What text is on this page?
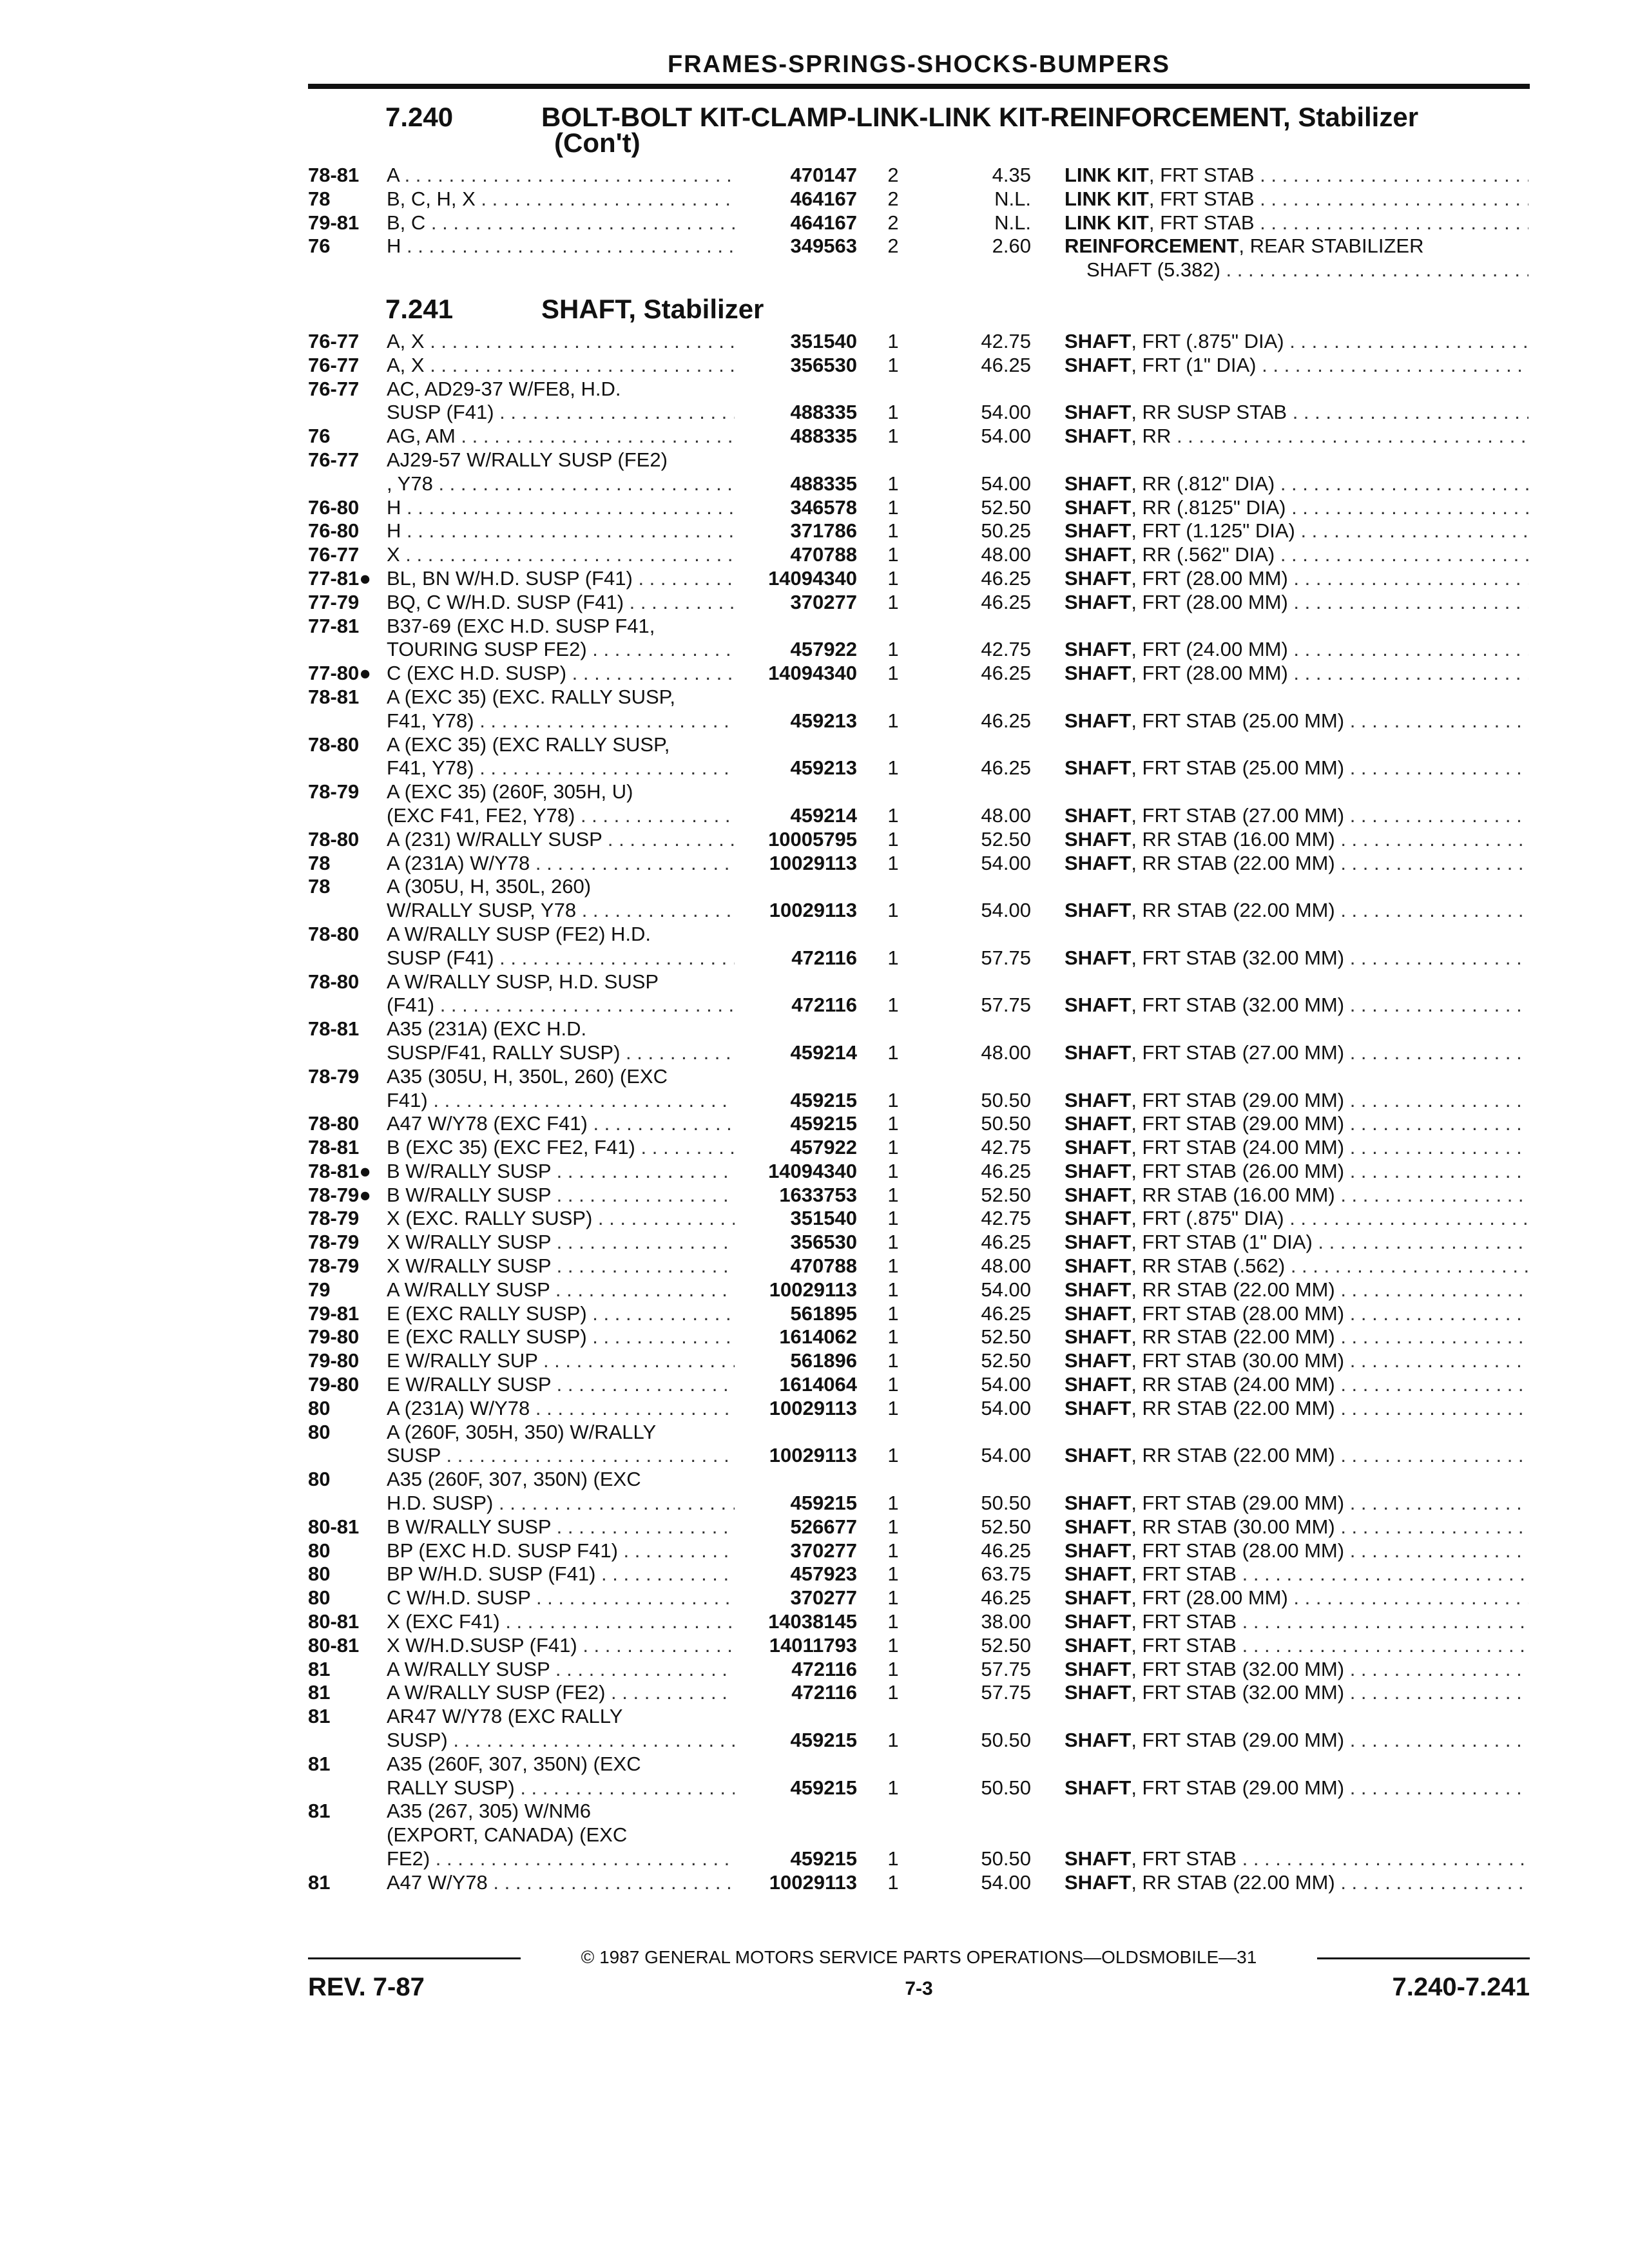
FRAMES-SPRINGS-SHOCKS-BUMPERS
7.240	BOLT-BOLT KIT-CLAMP-LINK-LINK KIT-REINFORCEMENT, Stabilizer
(Con't)
78-81	A . . .	470147	2	4.35 LINK KIT, FRT STAB . . .
78	B, C, H, X . . .	464167	2	N.L. LINK KIT, FRT STAB . . .
79-81	B, C . . .	464167	2	N.L. LINK KIT, FRT STAB . . .
76	H . . .	349563	2	2.60 REINFORCEMENT, REAR STABILIZER
SHAFT (5.382) . . .
7.241	SHAFT, Stabilizer
76-77	A, X . . .	351540	1	42.75 SHAFT, FRT (.875" DIA) . . .
76-77	A, X . . .	356530	1	46.25 SHAFT, FRT (1" DIA) . . .
76-77	AC, AD29-37 W/FE8, H.D.
SUSP (F41) . . .	488335	1	54.00 SHAFT, RR SUSP STAB . . .
76	AG, AM . . .	488335	1	54.00 SHAFT, RR . . .
76-77	AJ29-57 W/RALLY SUSP (FE2)
, Y78 . . .	488335	1	54.00 SHAFT, RR (.812" DIA) . . .
76-80	H . . .	346578	1	52.50 SHAFT, RR (.8125" DIA) . . .
76-80	H . . .	371786	1	50.25 SHAFT, FRT (1.125" DIA) . . .
76-77	X . . .	470788	1	48.00 SHAFT, RR (.562" DIA) . . .
77-81● BL, BN W/H.D. SUSP (F41) . . .	14094340	1	46.25 SHAFT, FRT (28.00 MM) . . .
77-79	BQ, C W/H.D. SUSP (F41) . . .	370277	1	46.25 SHAFT, FRT (28.00 MM) . . .
77-81	B37-69 (EXC H.D. SUSP F41,
TOURING SUSP FE2) . . .	457922	1	42.75 SHAFT, FRT (24.00 MM) . . .
77-80● C (EXC H.D. SUSP) . . .	14094340	1	46.25 SHAFT, FRT (28.00 MM) . . .
78-81	A (EXC 35) (EXC. RALLY SUSP,
F41, Y78) . . .	459213	1	46.25 SHAFT, FRT STAB (25.00 MM) . . .
78-80	A (EXC 35) (EXC RALLY SUSP,
F41, Y78) . . .	459213	1	46.25 SHAFT, FRT STAB (25.00 MM) . . .
78-79	A (EXC 35) (260F, 305H, U)
(EXC F41, FE2, Y78) . . .	459214	1	48.00 SHAFT, FRT STAB (27.00 MM) . . .
78-80	A (231) W/RALLY SUSP . . .	10005795	1	52.50 SHAFT, RR STAB (16.00 MM) . . .
78	A (231A) W/Y78 . . .	10029113	1	54.00 SHAFT, RR STAB (22.00 MM) . . .
78	A (305U, H, 350L, 260)
W/RALLY SUSP, Y78 . . .	10029113	1	54.00 SHAFT, RR STAB (22.00 MM) . . .
78-80	A W/RALLY SUSP (FE2) H.D.
SUSP (F41) . . .	472116	1	57.75 SHAFT, FRT STAB (32.00 MM) . . .
78-80	A W/RALLY SUSP, H.D. SUSP
(F41) . . .	472116	1	57.75 SHAFT, FRT STAB (32.00 MM) . . .
78-81	A35 (231A) (EXC H.D.
SUSP/F41, RALLY SUSP) . . .	459214	1	48.00 SHAFT, FRT STAB (27.00 MM) . . .
78-79	A35 (305U, H, 350L, 260) (EXC
F41) . . .	459215	1	50.50 SHAFT, FRT STAB (29.00 MM) . . .
78-80	A47 W/Y78 (EXC F41) . . .	459215	1	50.50 SHAFT, FRT STAB (29.00 MM) . . .
78-81	B (EXC 35) (EXC FE2, F41) . . .	457922	1	42.75 SHAFT, FRT STAB (24.00 MM) . . .
78-81● B W/RALLY SUSP . . .	14094340	1	46.25 SHAFT, FRT STAB (26.00 MM) . . .
78-79● B W/RALLY SUSP . . .	1633753	1	52.50 SHAFT, RR STAB (16.00 MM) . . .
78-79	X (EXC. RALLY SUSP) . . .	351540	1	42.75 SHAFT, FRT (.875" DIA) . . .
78-79	X W/RALLY SUSP . . .	356530	1	46.25 SHAFT, FRT STAB (1" DIA) . . .
78-79	X W/RALLY SUSP . . .	470788	1	48.00 SHAFT, RR STAB (.562) . . .
79	A W/RALLY SUSP . . .	10029113	1	54.00 SHAFT, RR STAB (22.00 MM) . . .
79-81	E (EXC RALLY SUSP) . . .	561895	1	46.25 SHAFT, FRT STAB (28.00 MM) . . .
79-80	E (EXC RALLY SUSP) . . .	1614062	1	52.50 SHAFT, RR STAB (22.00 MM) . . .
79-80	E W/RALLY SUP . . .	561896	1	52.50 SHAFT, FRT STAB (30.00 MM) . . .
79-80	E W/RALLY SUSP . . .	1614064	1	54.00 SHAFT, RR STAB (24.00 MM) . . .
80	A (231A) W/Y78 . . .	10029113	1	54.00 SHAFT, RR STAB (22.00 MM) . . .
80	A (260F, 305H, 350) W/RALLY
SUSP . . .	10029113	1	54.00 SHAFT, RR STAB (22.00 MM) . . .
80	A35 (260F, 307, 350N) (EXC
H.D. SUSP) . . .	459215	1	50.50 SHAFT, FRT STAB (29.00 MM) . . .
80-81	B W/RALLY SUSP . . .	526677	1	52.50 SHAFT, RR STAB (30.00 MM) . . .
80	BP (EXC H.D. SUSP F41) . . .	370277	1	46.25 SHAFT, FRT STAB (28.00 MM) . . .
80	BP W/H.D. SUSP (F41) . . .	457923	1	63.75 SHAFT, FRT STAB . . .
80	C W/H.D. SUSP . . .	370277	1	46.25 SHAFT, FRT (28.00 MM) . . .
80-81	X (EXC F41) . . .	14038145	1	38.00 SHAFT, FRT STAB . . .
80-81	X W/H.D.SUSP (F41) . . .	14011793	1	52.50 SHAFT, FRT STAB . . .
81	A W/RALLY SUSP . . .	472116	1	57.75 SHAFT, FRT STAB (32.00 MM) . . .
81	A W/RALLY SUSP (FE2) . . .	472116	1	57.75 SHAFT, FRT STAB (32.00 MM) . . .
81	AR47 W/Y78 (EXC RALLY
SUSP) . . .	459215	1	50.50 SHAFT, FRT STAB (29.00 MM) . . .
81	A35 (260F, 307, 350N) (EXC
RALLY SUSP) . . .	459215	1	50.50 SHAFT, FRT STAB (29.00 MM) . . .
81	A35 (267, 305) W/NM6
(EXPORT, CANADA) (EXC
FE2) . . .	459215	1	50.50 SHAFT, FRT STAB . . .
81	A47 W/Y78 . . .	10029113	1	54.00 SHAFT, RR STAB (22.00 MM) . . .
© 1987 GENERAL MOTORS SERVICE PARTS OPERATIONS—OLDSMOBILE—31
REV. 7-87	7-3	7.240-7.241
